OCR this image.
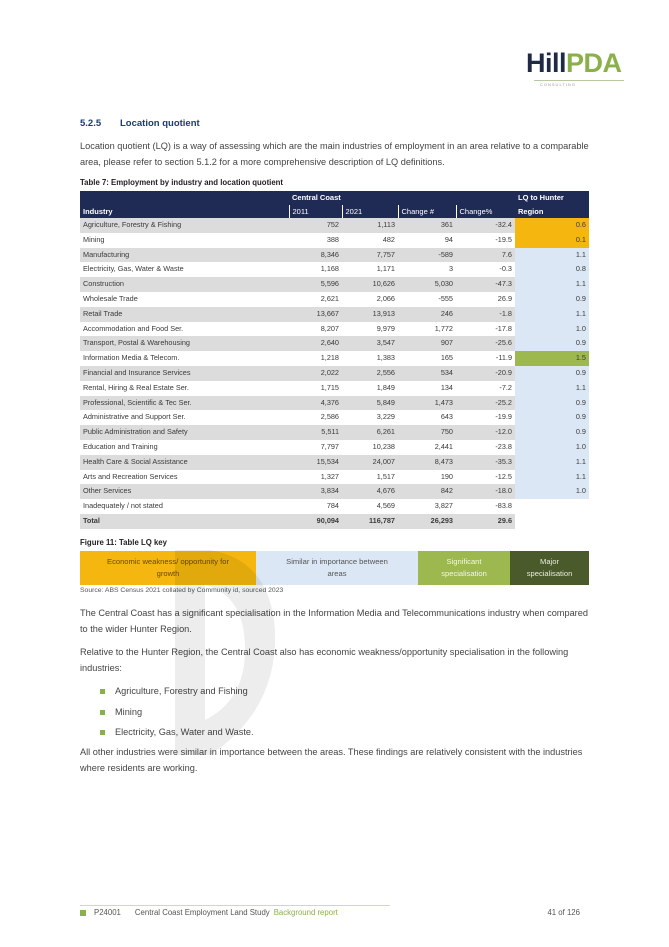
HillPDA
CONSULTING
5.2.5 Location quotient
Location quotient (LQ) is a way of assessing which are the main industries of employment in an area relative to a comparable area, please refer to section 5.1.2 for a more comprehensive description of LQ definitions.
Table 7: Employment by industry and location quotient
	Central Coast				LQ to Hunter
Industry	2011	2021	Change #	Change%	Region
Agriculture, Forestry & Fishing	752	1,113	361	-32.4	0.6
Mining	388	482	94	-19.5	0.1
Manufacturing	8,346	7,757	-589	7.6	1.1
Electricity, Gas, Water & Waste	1,168	1,171	3	-0.3	0.8
Construction	5,596	10,626	5,030	-47.3	1.1
Wholesale Trade	2,621	2,066	-555	26.9	0.9
Retail Trade	13,667	13,913	246	-1.8	1.1
Accommodation and Food Ser.	8,207	9,979	1,772	-17.8	1.0
Transport, Postal & Warehousing	2,640	3,547	907	-25.6	0.9
Information Media & Telecom.	1,218	1,383	165	-11.9	1.5
Financial and Insurance Services	2,022	2,556	534	-20.9	0.9
Rental, Hiring & Real Estate Ser.	1,715	1,849	134	-7.2	1.1
Professional, Scientific & Tec Ser.	4,376	5,849	1,473	-25.2	0.9
Administrative and Support Ser.	2,586	3,229	643	-19.9	0.9
Public Administration and Safety	5,511	6,261	750	-12.0	0.9
Education and Training	7,797	10,238	2,441	-23.8	1.0
Health Care & Social Assistance	15,534	24,007	8,473	-35.3	1.1
Arts and Recreation Services	1,327	1,517	190	-12.5	1.1
Other Services	3,834	4,676	842	-18.0	1.0
Inadequately / not stated	784	4,569	3,827	-83.8	
Total	90,094	116,787	26,293	29.6	
Figure 11: Table LQ key
Economic weakness/ opportunity for
growth
Similar in importance between
areas
Significant
specialisation
Major
specialisation
Source: ABS Census 2021 collated by Community id, sourced 2023
The Central Coast has a significant specialisation in the Information Media and Telecommunications industry when compared to the wider Hunter Region.
Relative to the Hunter Region, the Central Coast also has economic weakness/opportunity specialisation in the following industries:
Agriculture, Forestry and Fishing
Mining
Electricity, Gas, Water and Waste.
All other industries were similar in importance between the areas. These findings are relatively consistent with the industries where residents are working.
P24001 Central Coast Employment Land Study Background report	41 of 126
